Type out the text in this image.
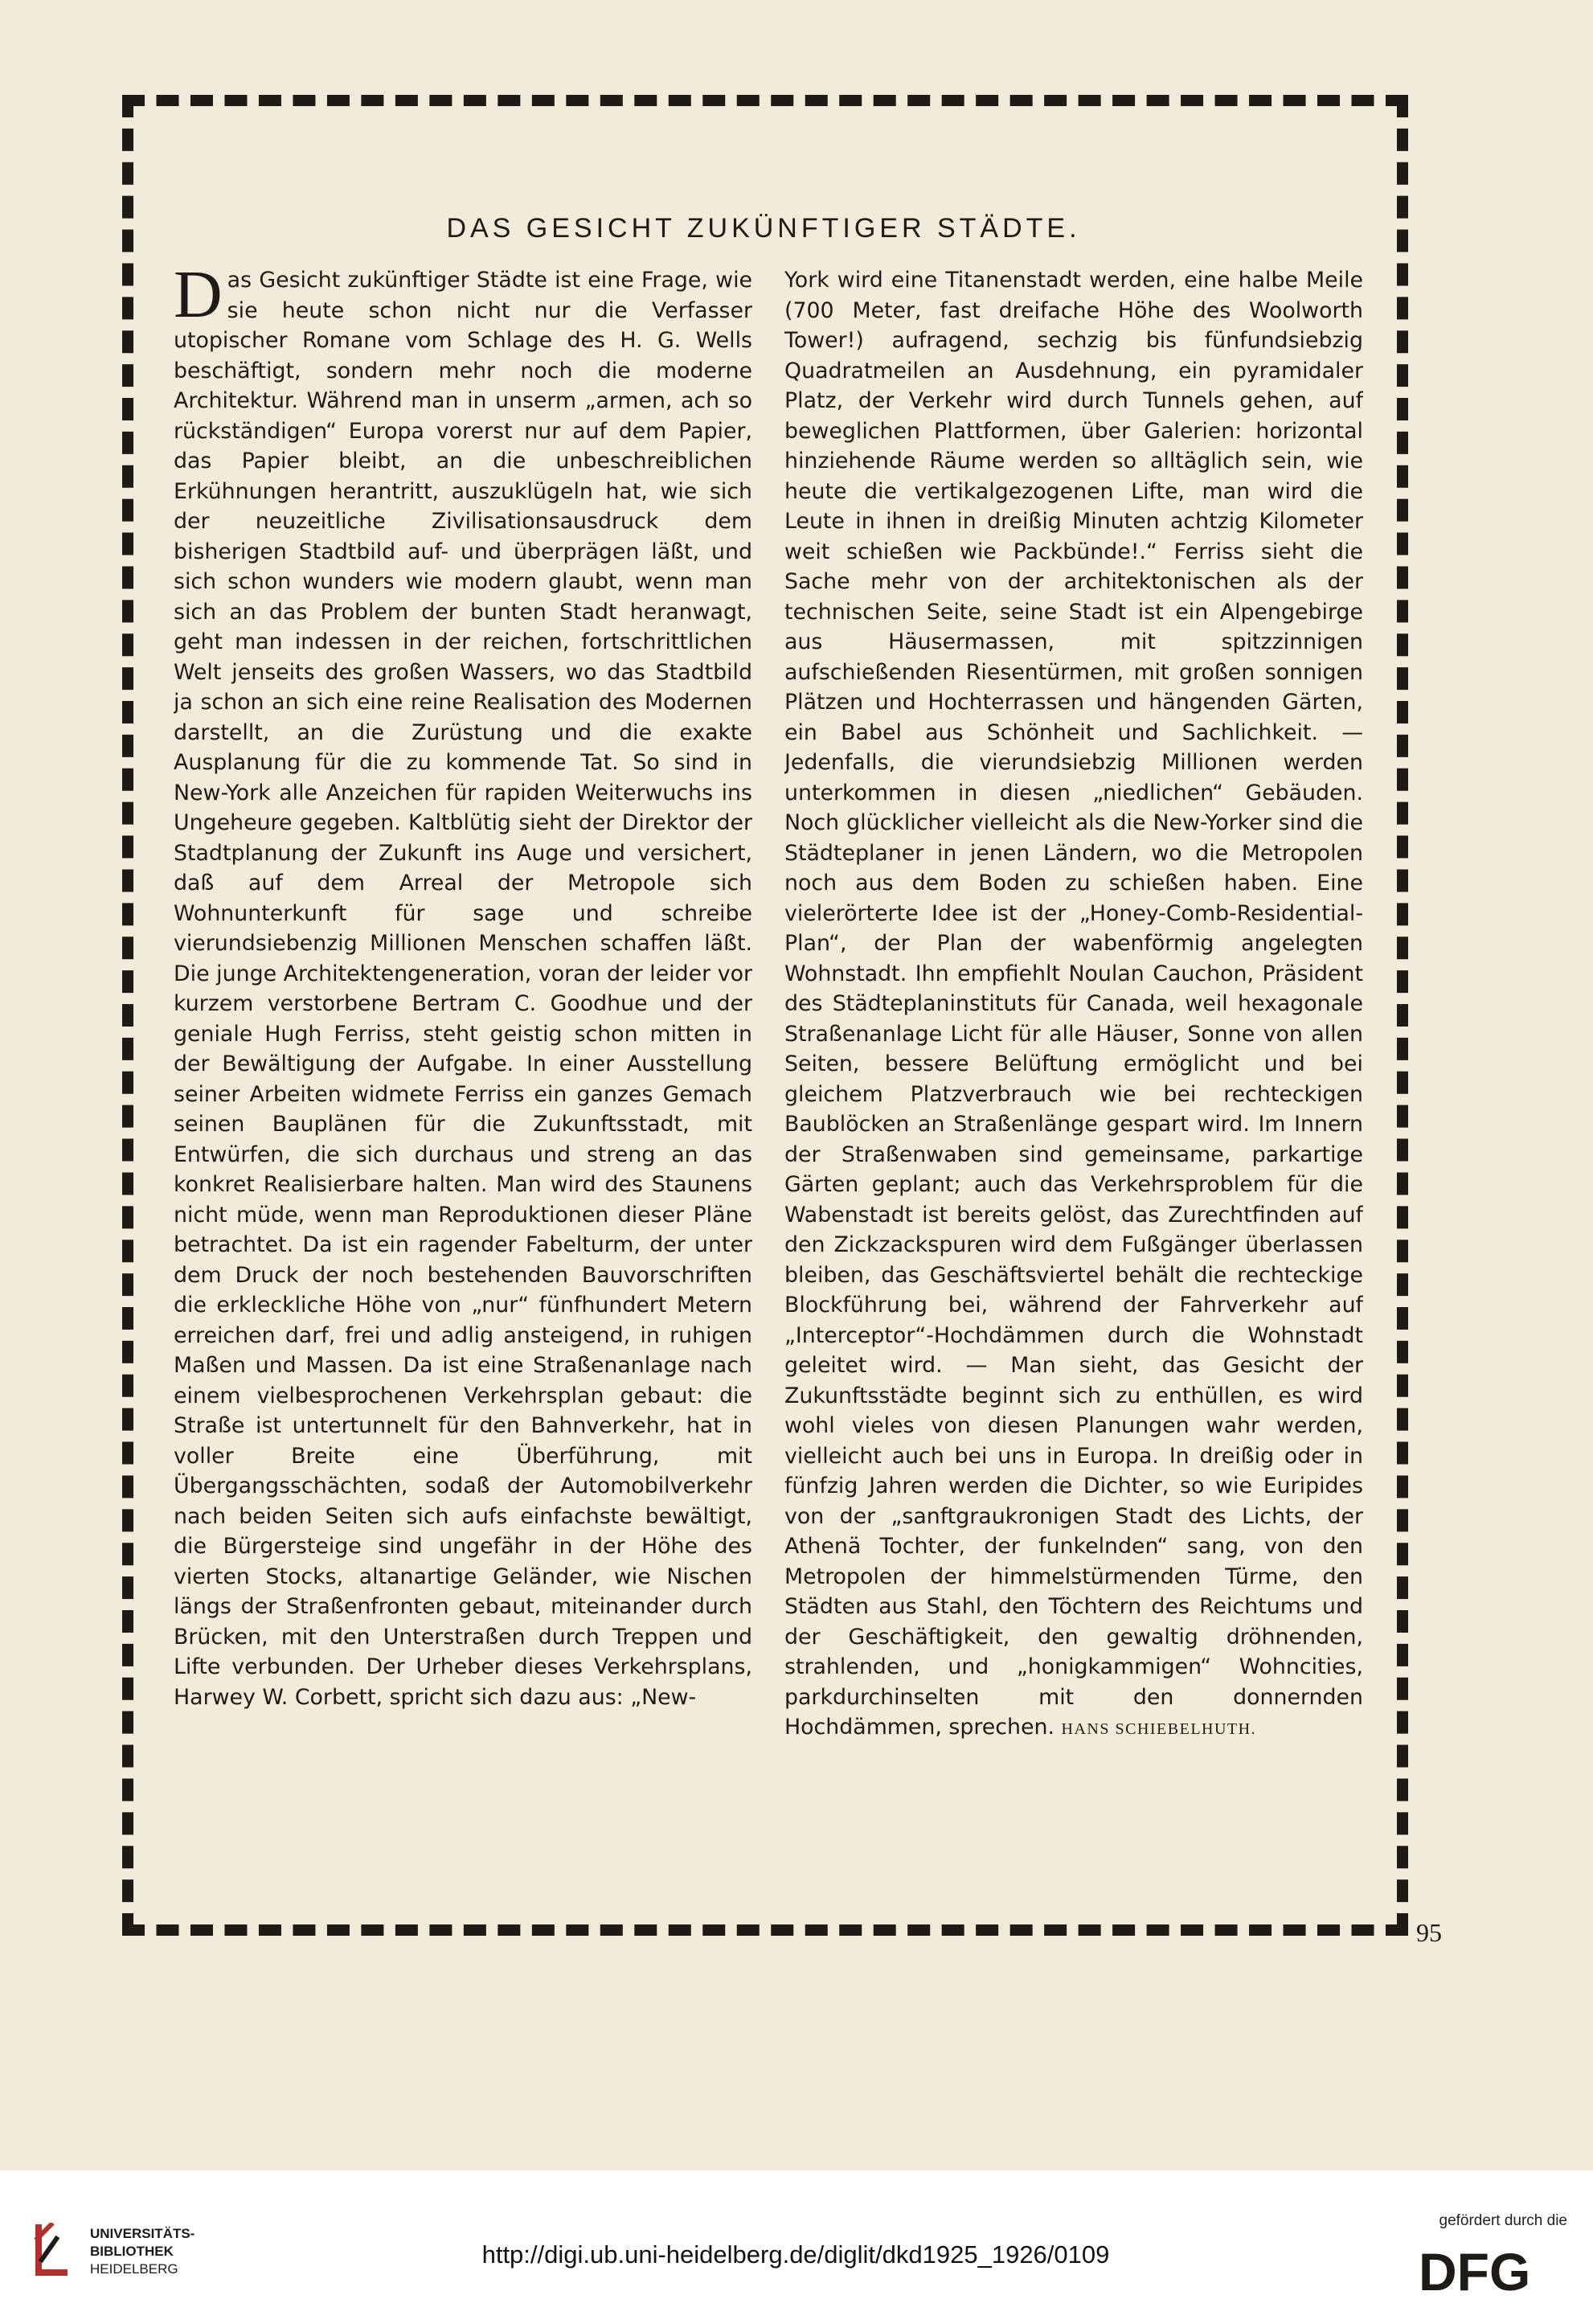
DAS GESICHT ZUKÜNFTIGER STÄDTE.
Das Gesicht zukünftiger Städte ist eine Frage, wie sie heute schon nicht nur die Verfasser utopischer Romane vom Schlage des H. G. Wells beschäftigt, sondern mehr noch die moderne Architektur. Während man in unserm „armen, ach so rückständigen“ Europa vorerst nur auf dem Papier, das Papier bleibt, an die unbeschreiblichen Erkühnungen herantritt, auszuklügeln hat, wie sich der neuzeitliche Zivilisationsausdruck dem bisherigen Stadtbild auf- und überprägen läßt, und sich schon wunders wie modern glaubt, wenn man sich an das Problem der bunten Stadt heranwagt, geht man indessen in der reichen, fortschrittlichen Welt jenseits des großen Wassers, wo das Stadtbild ja schon an sich eine reine Realisation des Modernen darstellt, an die Zurüstung und die exakte Ausplanung für die zu kommende Tat. So sind in New-York alle Anzeichen für rapiden Weiterwuchs ins Ungeheure gegeben. Kaltblütig sieht der Direktor der Stadtplanung der Zukunft ins Auge und versichert, daß auf dem Arreal der Metropole sich Wohnunterkunft für sage und schreibe vierundsiebenzig Millionen Menschen schaffen läßt. Die junge Architektengeneration, voran der leider vor kurzem verstorbene Bertram C. Goodhue und der geniale Hugh Ferriss, steht geistig schon mitten in der Bewältigung der Aufgabe. In einer Ausstellung seiner Arbeiten widmete Ferriss ein ganzes Gemach seinen Bauplänen für die Zukunftsstadt, mit Entwürfen, die sich durchaus und streng an das konkret Realisierbare halten. Man wird des Staunens nicht müde, wenn man Reproduktionen dieser Pläne betrachtet. Da ist ein ragender Fabelturm, der unter dem Druck der noch bestehenden Bauvorschriften die erkleckliche Höhe von „nur“ fünfhundert Metern erreichen darf, frei und adlig ansteigend, in ruhigen Maßen und Massen. Da ist eine Straßenanlage nach einem vielbesprochenen Verkehrsplan gebaut: die Straße ist untertunnelt für den Bahnverkehr, hat in voller Breite eine Überführung, mit Übergangsschächten, sodaß der Automobilverkehr nach beiden Seiten sich aufs einfachste bewältigt, die Bürgersteige sind ungefähr in der Höhe des vierten Stocks, altanartige Geländer, wie Nischen längs der Straßenfronten gebaut, miteinander durch Brücken, mit den Unterstraßen durch Treppen und Lifte verbunden. Der Urheber dieses Verkehrsplans, Harwey W. Corbett, spricht sich dazu aus: „New-
York wird eine Titanenstadt werden, eine halbe Meile (700 Meter, fast dreifache Höhe des Woolworth Tower!) aufragend, sechzig bis fünfundsiebzig Quadratmeilen an Ausdehnung, ein pyramidaler Platz, der Verkehr wird durch Tunnels gehen, auf beweglichen Plattformen, über Galerien: horizontal hinziehende Räume werden so alltäglich sein, wie heute die vertikalgezogenen Lifte, man wird die Leute in ihnen in dreißig Minuten achtzig Kilometer weit schießen wie Packbünde!.“ Ferriss sieht die Sache mehr von der architektonischen als der technischen Seite, seine Stadt ist ein Alpengebirge aus Häusermassen, mit spitzzinnigen aufschießenden Riesentürmen, mit großen sonnigen Plätzen und Hochterrassen und hängenden Gärten, ein Babel aus Schönheit und Sachlichkeit. — Jedenfalls, die vierundsiebzig Millionen werden unterkommen in diesen „niedlichen“ Gebäuden. Noch glücklicher vielleicht als die New-Yorker sind die Städteplaner in jenen Ländern, wo die Metropolen noch aus dem Boden zu schießen haben. Eine vielerörterte Idee ist der „Honey-Comb-Residential-Plan“, der Plan der wabenförmig angelegten Wohnstadt. Ihn empfiehlt Noulan Cauchon, Präsident des Städteplaninstituts für Canada, weil hexagonale Straßenanlage Licht für alle Häuser, Sonne von allen Seiten, bessere Belüftung ermöglicht und bei gleichem Platzverbrauch wie bei rechteckigen Baublöcken an Straßenlänge gespart wird. Im Innern der Straßenwaben sind gemeinsame, parkartige Gärten geplant; auch das Verkehrsproblem für die Wabenstadt ist bereits gelöst, das Zurechtfinden auf den Zickzackspuren wird dem Fußgänger überlassen bleiben, das Geschäftsviertel behält die rechteckige Blockführung bei, während der Fahrverkehr auf „Interceptor“-Hochdämmen durch die Wohnstadt geleitet wird. — Man sieht, das Gesicht der Zukunftsstädte beginnt sich zu enthüllen, es wird wohl vieles von diesen Planungen wahr werden, vielleicht auch bei uns in Europa. In dreißig oder in fünfzig Jahren werden die Dichter, so wie Euripides von der „sanftgraukronigen Stadt des Lichts, der Athenä Tochter, der funkelnden“ sang, von den Metropolen der himmelstürmenden Türme, den Städten aus Stahl, den Töchtern des Reichtums und der Geschäftigkeit, den gewaltig dröhnenden, strahlenden, und „honigkammigen“ Wohncities, parkdurchinselten mit den donnernden Hochdämmen, sprechen. HANS SCHIEBELHUTH.
95
UNIVERSITÄTS-
BIBLIOTHEK
HEIDELBERG
http://digi.ub.uni-heidelberg.de/diglit/dkd1925_1926/0109
gefördert durch die
DFG
